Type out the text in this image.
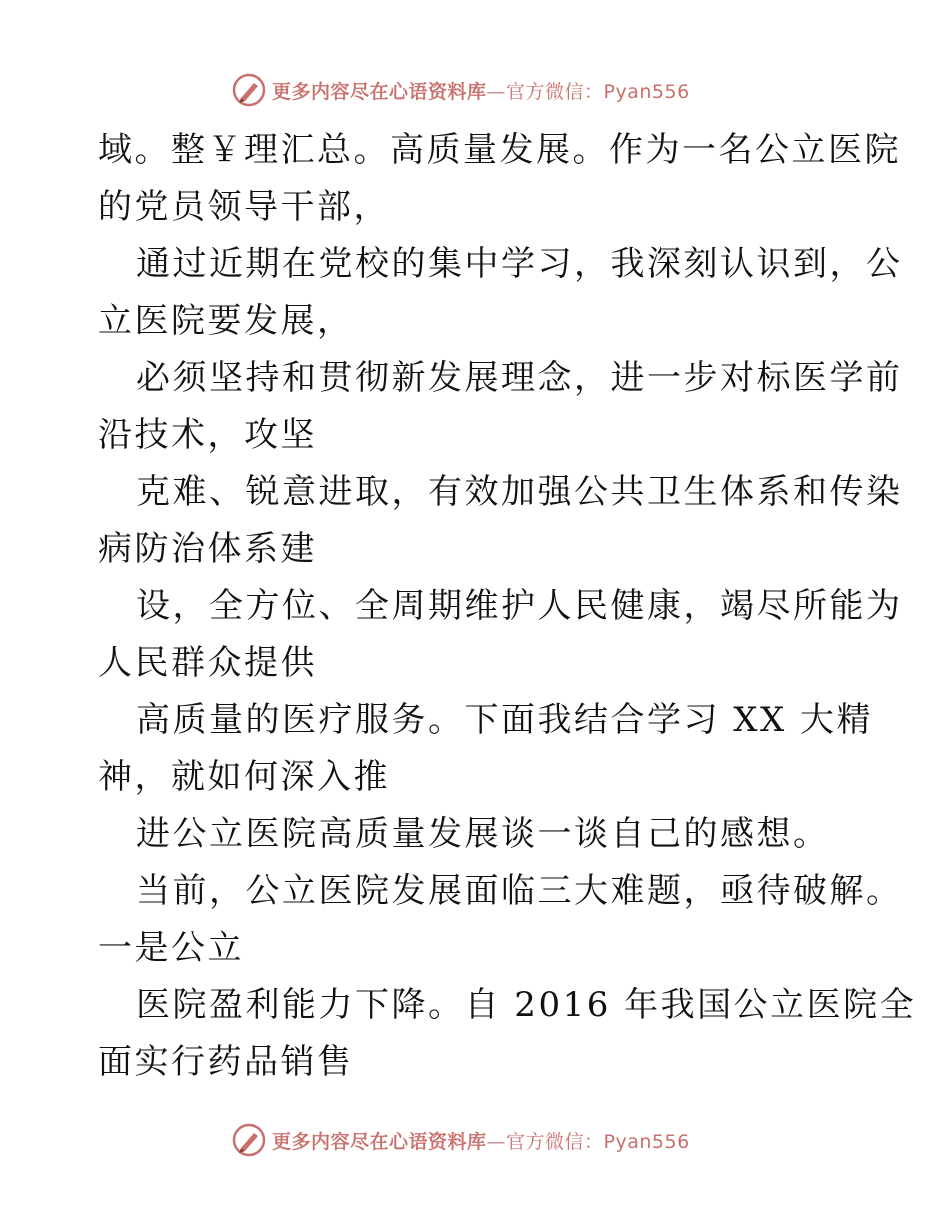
更多内容尽在心语资料库—官方微信：Pyan556
域。整￥理汇总。高质量发展。作为一名公立医院
的党员领导干部，
通过近期在党校的集中学习，我深刻认识到，公
立医院要发展，
必须坚持和贯彻新发展理念，进一步对标医学前
沿技术，攻坚
克难、锐意进取，有效加强公共卫生体系和传染
病防治体系建
设，全方位、全周期维护人民健康，竭尽所能为
人民群众提供
高质量的医疗服务。下面我结合学习 XX 大精
神，就如何深入推
进公立医院高质量发展谈一谈自己的感想。
当前，公立医院发展面临三大难题，亟待破解。
一是公立
医院盈利能力下降。自 2016 年我国公立医院全
面实行药品销售
更多内容尽在心语资料库—官方微信：Pyan556
